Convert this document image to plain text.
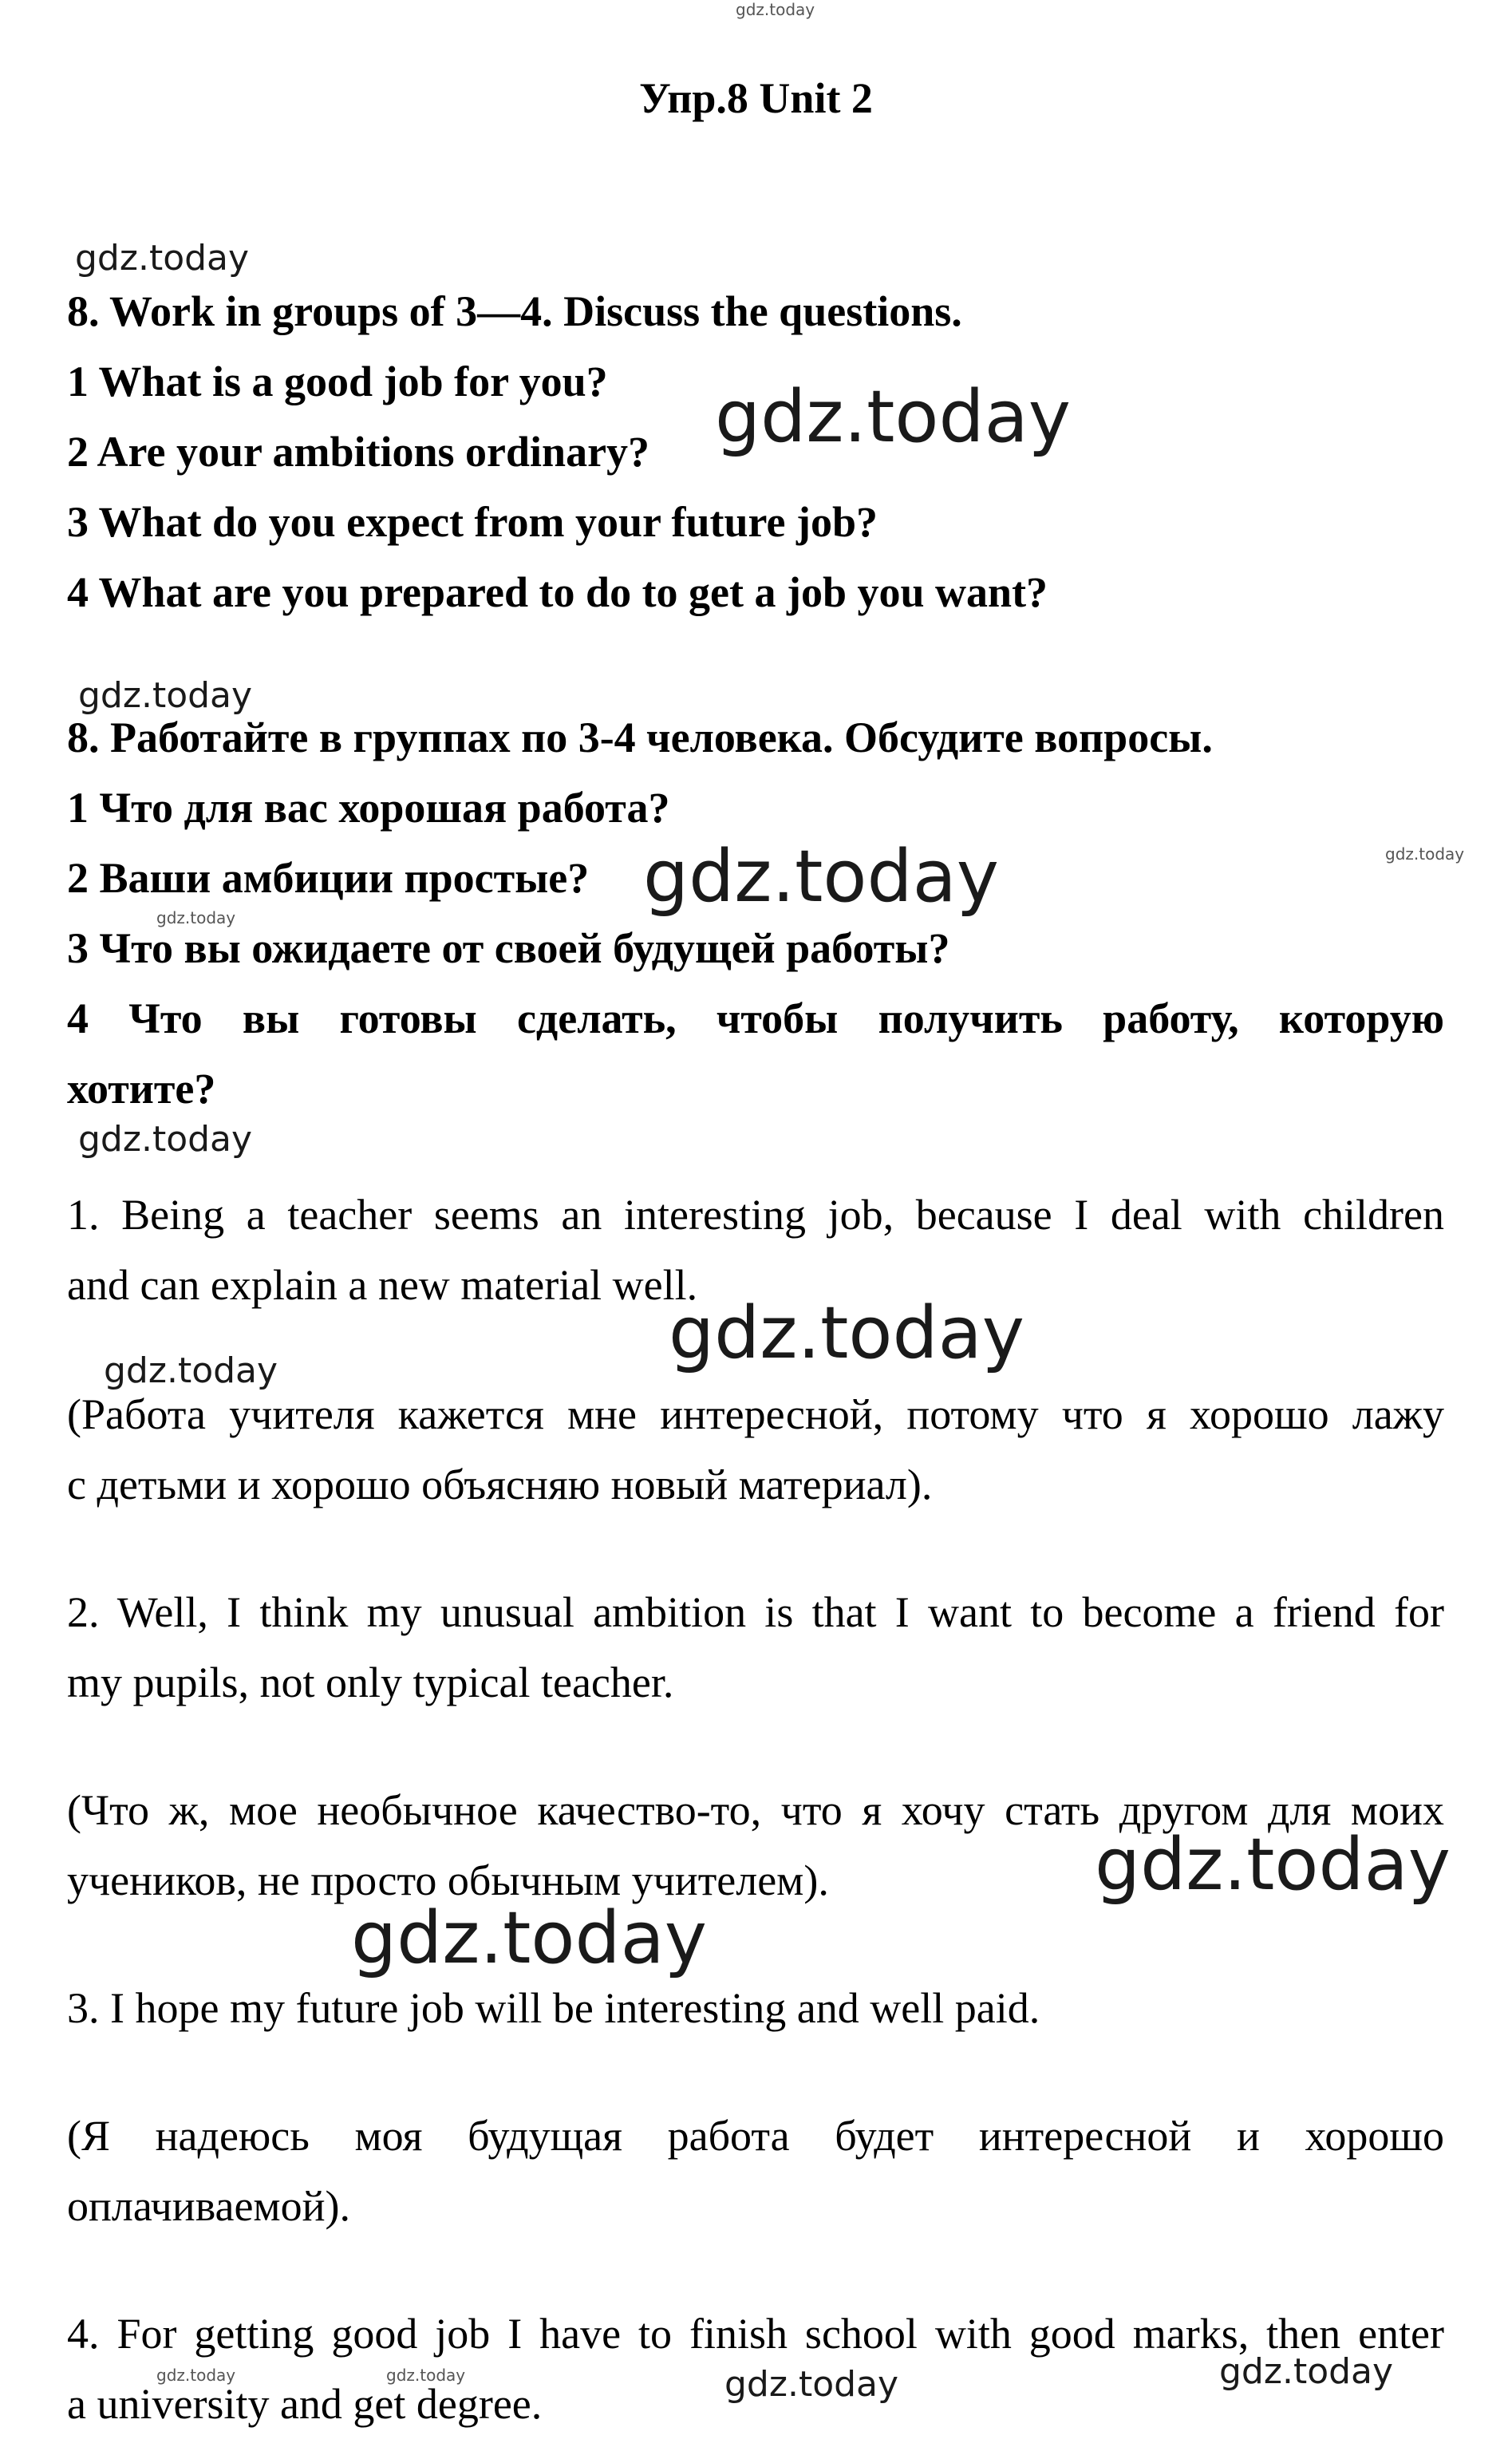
Упр.8 Unit 2
8. Work in groups of 3—4. Discuss the questions.
1 What is a good job for you?
2 Are your ambitions ordinary?
3 What do you expect from your future job?
4 What are you prepared to do to get a job you want?
8. Работайте в группах по 3-4 человека. Обсудите вопросы.
1 Что для вас хорошая работа?
2 Ваши амбиции простые?
3 Что вы ожидаете от своей будущей работы?
4 Что вы готовы сделать, чтобы получить работу, которую
хотите?
1. Being a teacher seems an interesting job, because I deal with children
and can explain a new material well.
(Работа учителя кажется мне интересной, потому что я хорошо лажу
с детьми и хорошо объясняю новый материал).
2. Well, I think my unusual ambition is that I want to become a friend for
my pupils, not only typical teacher.
(Что ж, мое необычное качество-то, что я хочу стать другом для моих
учеников, не просто обычным учителем).
3. I hope my future job will be interesting and well paid.
(Я надеюсь моя будущая работа будет интересной и хорошо
оплачиваемой).
4. For getting good job I have to finish school with good marks, then enter
a university and get degree.
gdz.today
gdz.today
gdz.today
gdz.today
gdz.today
gdz.today
gdz.today
gdz.today
gdz.today
gdz.today
gdz.today
gdz.today
gdz.today
gdz.today
gdz.today	gdz.today
